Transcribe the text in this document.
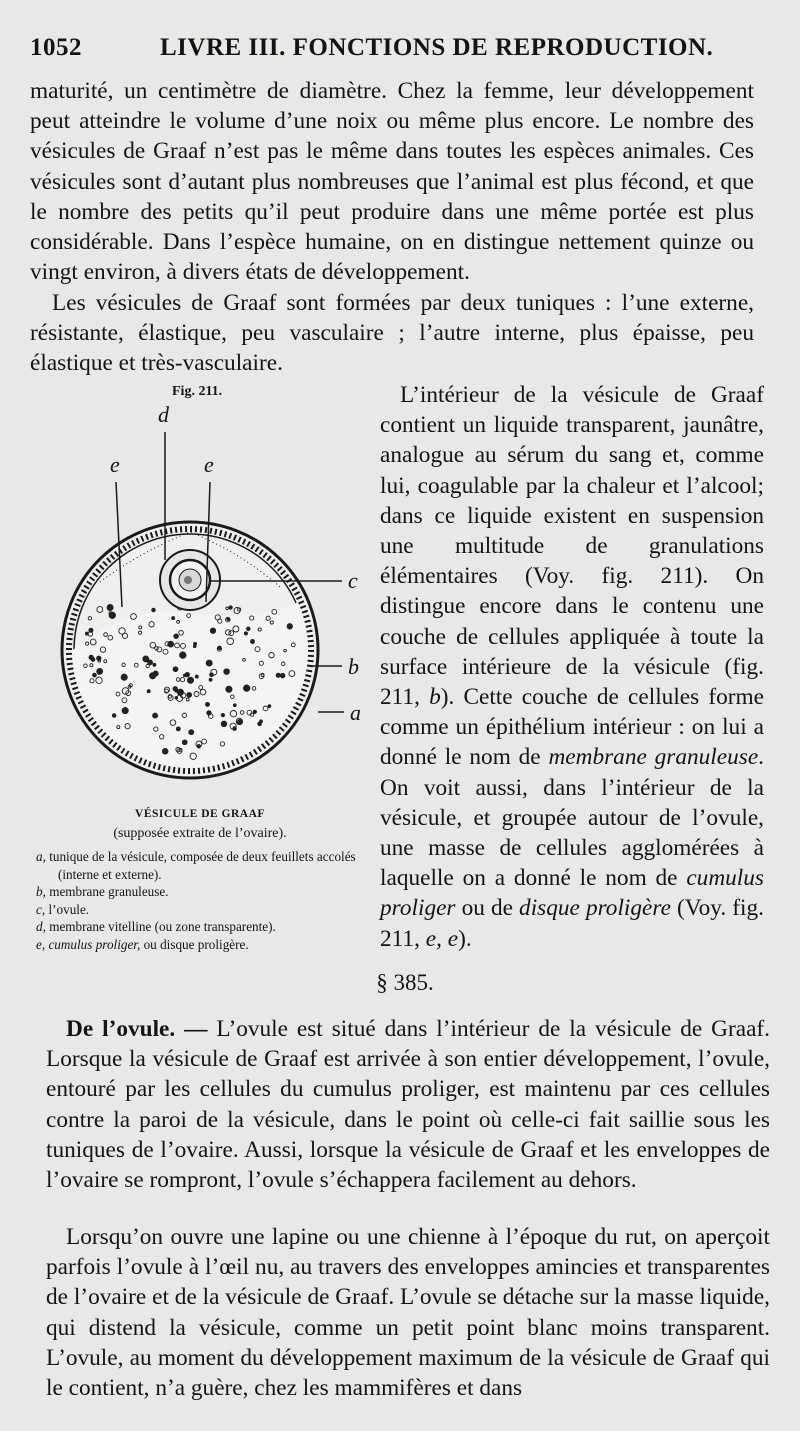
1052	LIVRE III. FONCTIONS DE REPRODUCTION.

maturité, un centimètre de diamètre. Chez la femme, leur développement peut atteindre le volume d’une noix ou même plus encore. Le nombre des vésicules de Graaf n’est pas le même dans toutes les espèces animales. Ces vésicules sont d’autant plus nombreuses que l’animal est plus fécond, et que le nombre des petits qu’il peut produire dans une même portée est plus considérable. Dans l’espèce humaine, on en distingue nettement quinze ou vingt environ, à divers états de développement.

Les vésicules de Graaf sont formées par deux tuniques : l’une externe, résistante, élastique, peu vasculaire ; l’autre interne, plus épaisse, peu élastique et très-vasculaire.

Fig. 211.
d
e	e
c
b
a
VÉSICULE DE GRAAF
(supposée extraite de l’ovaire).
a, tunique de la vésicule, composée de deux feuillets accolés (interne et externe).
b, membrane granuleuse.
c, l’ovule.
d, membrane vitelline (ou zone transparente).
e, cumulus proliger, ou disque proligère.

L’intérieur de la vésicule de Graaf contient un liquide transparent, jaunâtre, analogue au sérum du sang et, comme lui, coagulable par la chaleur et l’alcool; dans ce liquide existent en suspension une multitude de granulations élémentaires (Voy. fig. 211). On distingue encore dans le contenu une couche de cellules appliquée à toute la surface intérieure de la vésicule (fig. 211, b). Cette couche de cellules forme comme un épithélium intérieur : on lui a donné le nom de membrane granuleuse. On voit aussi, dans l’intérieur de la vésicule, et groupée autour de l’ovule, une masse de cellules agglomérées à laquelle on a donné le nom de cumulus proliger ou de disque proligère (Voy. fig. 211, e, e).

§ 385.

De l’ovule. — L’ovule est situé dans l’intérieur de la vésicule de Graaf. Lorsque la vésicule de Graaf est arrivée à son entier développement, l’ovule, entouré par les cellules du cumulus proliger, est maintenu par ces cellules contre la paroi de la vésicule, dans le point où celle-ci fait saillie sous les tuniques de l’ovaire. Aussi, lorsque la vésicule de Graaf et les enveloppes de l’ovaire se rompront, l’ovule s’échappera facilement au dehors.

Lorsqu’on ouvre une lapine ou une chienne à l’époque du rut, on aperçoit parfois l’ovule à l’œil nu, au travers des enveloppes amincies et transparentes de l’ovaire et de la vésicule de Graaf. L’ovule se détache sur la masse liquide, qui distend la vésicule, comme un petit point blanc moins transparent. L’ovule, au moment du développement maximum de la vésicule de Graaf qui le contient, n’a guère, chez les mammifères et dans
